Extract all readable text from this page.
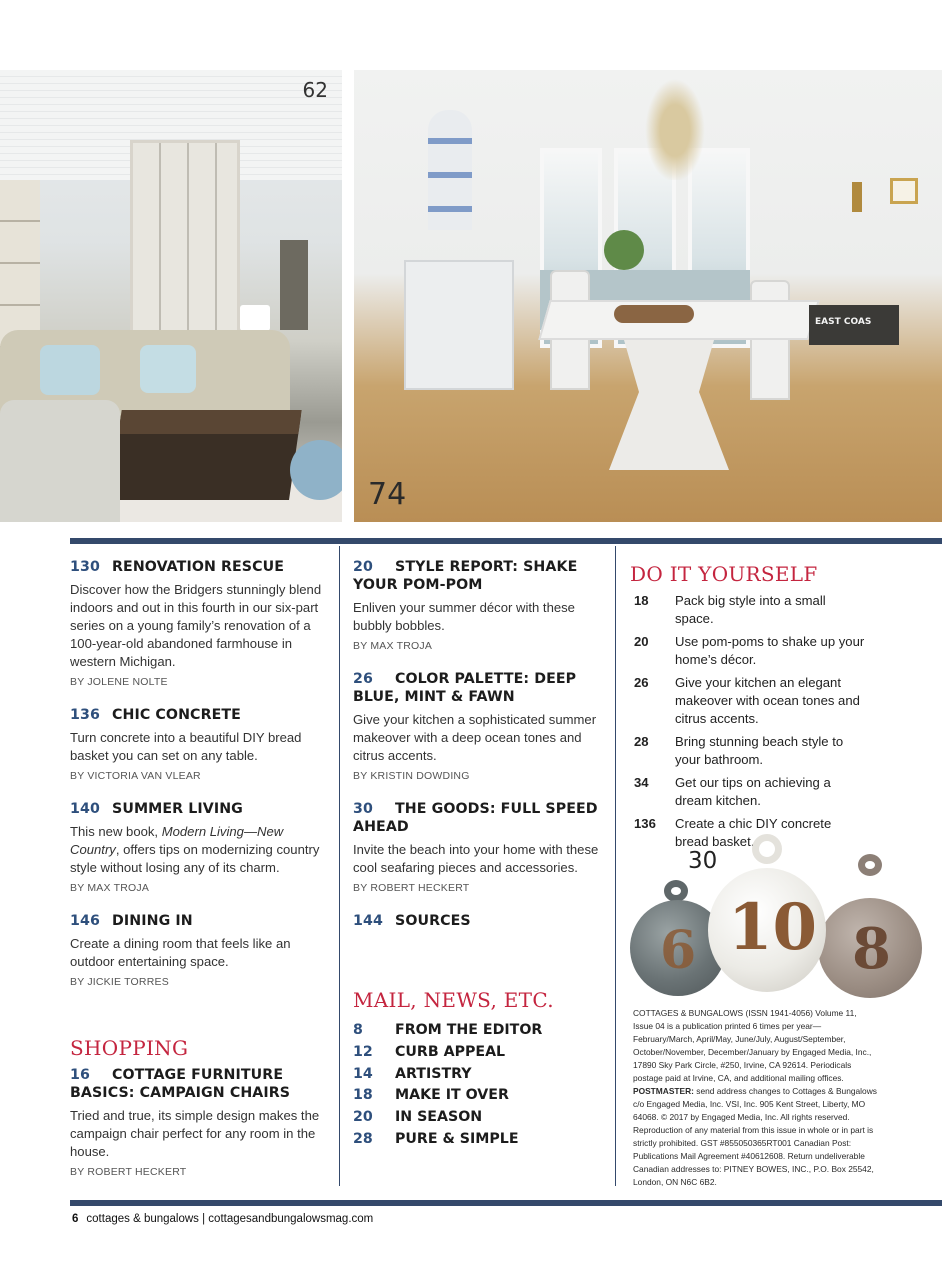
62
EAST COAS
74
130 RENOVATION RESCUE
Discover how the Bridgers stunningly blend indoors and out in this fourth in our six-part series on a young family’s renovation of a 100-year-old abandoned farmhouse in western Michigan.
BY JOLENE NOLTE
136 CHIC CONCRETE
Turn concrete into a beautiful DIY bread basket you can set on any table.
BY VICTORIA VAN VLEAR
140 SUMMER LIVING
This new book, Modern Living—New Country, offers tips on modernizing country style without losing any of its charm.
BY MAX TROJA
146 DINING IN
Create a dining room that feels like an outdoor entertaining space.
BY JICKIE TORRES
SHOPPING
16 COTTAGE FURNITURE BASICS: CAMPAIGN CHAIRS
Tried and true, its simple design makes the campaign chair perfect for any room in the house.
BY ROBERT HECKERT
20 STYLE REPORT: SHAKE YOUR POM-POM
Enliven your summer décor with these bubbly bobbles.
BY MAX TROJA
26 COLOR PALETTE: DEEP BLUE, MINT & FAWN
Give your kitchen a sophisticated summer makeover with a deep ocean tones and citrus accents.
BY KRISTIN DOWDING
30 THE GOODS: FULL SPEED AHEAD
Invite the beach into your home with these cool seafaring pieces and accessories.
BY ROBERT HECKERT
144 SOURCES
MAIL, NEWS, ETC.
8 FROM THE EDITOR
12 CURB APPEAL
14 ARTISTRY
18 MAKE IT OVER
20 IN SEASON
28 PURE & SIMPLE
DO IT YOURSELF
18	Pack big style into a small space.
20	Use pom-poms to shake up your home’s décor.
26	Give your kitchen an elegant makeover with ocean tones and citrus accents.
28	Bring stunning beach style to your bathroom.
34	Get our tips on achieving a dream kitchen.
136	Create a chic DIY concrete bread basket.
6 10 8
30
COTTAGES & BUNGALOWS (ISSN 1941-4056) Volume 11, Issue 04 is a publication printed 6 times per year—February/March, April/May, June/July, August/September, October/November, December/January by Engaged Media, Inc., 17890 Sky Park Circle, #250, Irvine, CA 92614. Periodicals postage paid at Irvine, CA, and additional mailing offices. POSTMASTER: send address changes to Cottages & Bungalows c/o Engaged Media, Inc. VSI, Inc. 905 Kent Street, Liberty, MO 64068. © 2017 by Engaged Media, Inc. All rights reserved. Reproduction of any material from this issue in whole or in part is strictly prohibited. GST #855050365RT001 Canadian Post: Publications Mail Agreement #40612608. Return undeliverable Canadian addresses to: PITNEY BOWES, INC., P.O. Box 25542, London, ON N6C 6B2.
6 cottages & bungalows | cottagesandbungalowsmag.com
